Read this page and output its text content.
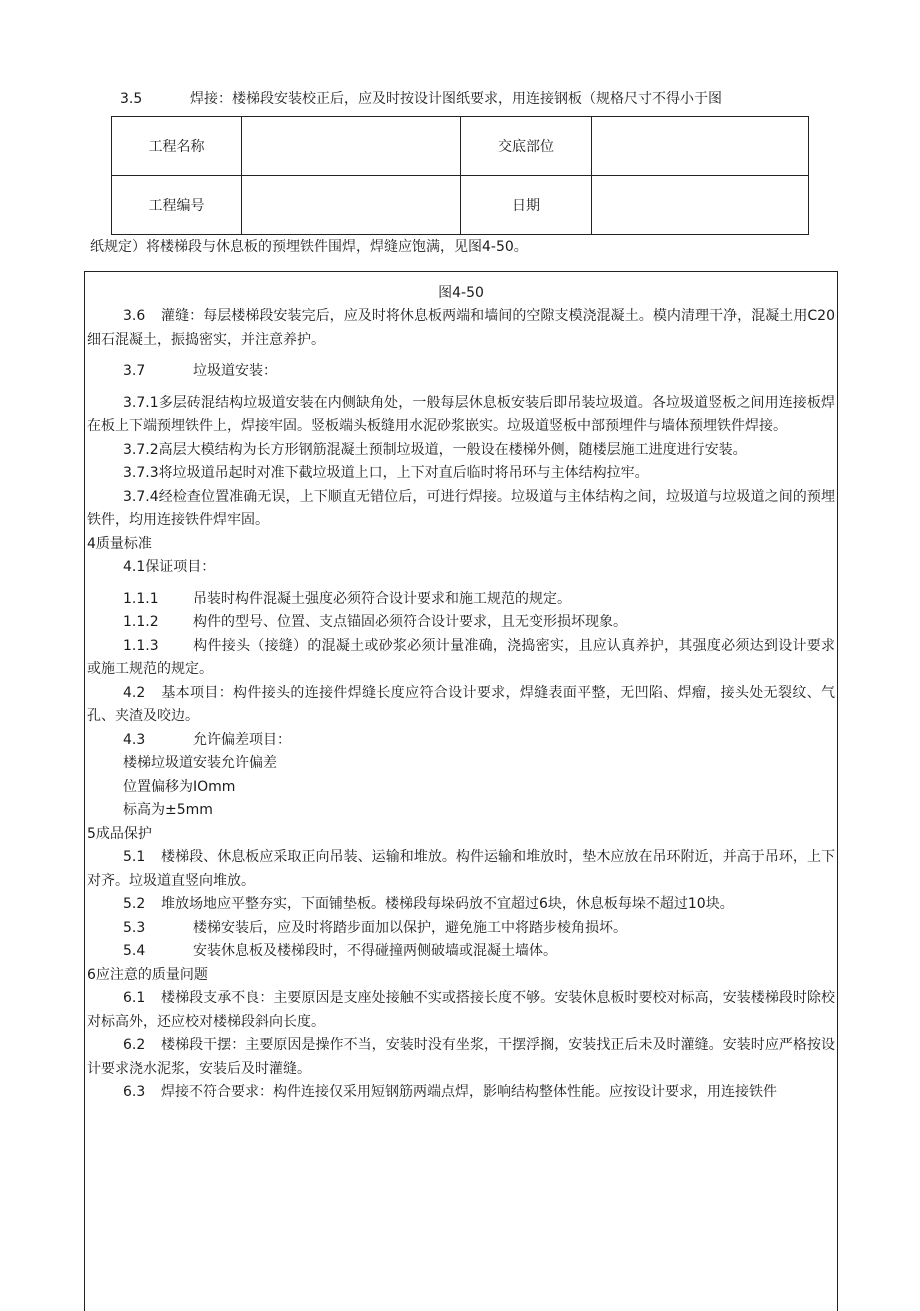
3.5	焊接：楼梯段安装校正后，应及时按设计图纸要求，用连接钢板（规格尺寸不得小于图
工程名称		交底部位	
工程编号		日期	
纸规定）将楼梯段与休息板的预埋铁件围焊，焊缝应饱满，见图4-50。
图4-50
3.6 灌缝：每层楼梯段安装完后，应及时将休息板两端和墙间的空隙支模浇混凝土。模内清理干净，混凝土用C20细石混凝土，振捣密实，并注意养护。
3.7	垃圾道安装：
3.7.1多层砖混结构垃圾道安装在内侧缺角处，一般每层休息板安装后即吊装垃圾道。各垃圾道竖板之间用连接板焊在板上下端预埋铁件上，焊接牢固。竖板端头板缝用水泥砂浆嵌实。垃圾道竖板中部预埋件与墙体预埋铁件焊接。
3.7.2高层大模结构为长方形钢筋混凝土预制垃圾道，一般设在楼梯外侧，随楼层施工进度进行安装。
3.7.3将垃圾道吊起时对准下截垃圾道上口，上下对直后临时将吊环与主体结构拉牢。
3.7.4经检查位置准确无误，上下顺直无错位后，可进行焊接。垃圾道与主体结构之间，垃圾道与垃圾道之间的预埋铁件，均用连接铁件焊牢固。
4质量标准
4.1保证项目：
1.1.1 吊装时构件混凝土强度必须符合设计要求和施工规范的规定。
1.1.2 构件的型号、位置、支点锚固必须符合设计要求，且无变形损坏现象。
1.1.3 构件接头（接缝）的混凝土或砂浆必须计量准确，浇捣密实，且应认真养护，其强度必须达到设计要求或施工规范的规定。
4.2 基本项目：构件接头的连接件焊缝长度应符合设计要求，焊缝表面平整，无凹陷、焊瘤，接头处无裂纹、气孔、夹渣及咬边。
4.3	允许偏差项目：
楼梯垃圾道安装允许偏差
位置偏移为IOmm
标高为±5mm
5成品保护
5.1 楼梯段、休息板应采取正向吊装、运输和堆放。构件运输和堆放时，垫木应放在吊环附近，并高于吊环，上下对齐。垃圾道直竖向堆放。
5.2 堆放场地应平整夯实，下面铺垫板。楼梯段每垛码放不宜超过6块，休息板每垛不超过10块。
5.3	楼梯安装后，应及时将踏步面加以保护，避免施工中将踏步棱角损坏。
5.4	安装休息板及楼梯段时，不得碰撞两侧破墙或混凝土墙体。
6应注意的质量问题
6.1 楼梯段支承不良：主要原因是支座处接触不实或搭接长度不够。安装休息板时要校对标高，安装楼梯段时除校对标高外，还应校对楼梯段斜向长度。
6.2 楼梯段干摆：主要原因是操作不当，安装时没有坐浆，干摆浮搁，安装找正后未及时灌缝。安装时应严格按设计要求浇水泥浆，安装后及时灌缝。
6.3 焊接不符合要求：构件连接仅采用短钢筋两端点焊，影响结构整体性能。应按设计要求，用连接铁件
